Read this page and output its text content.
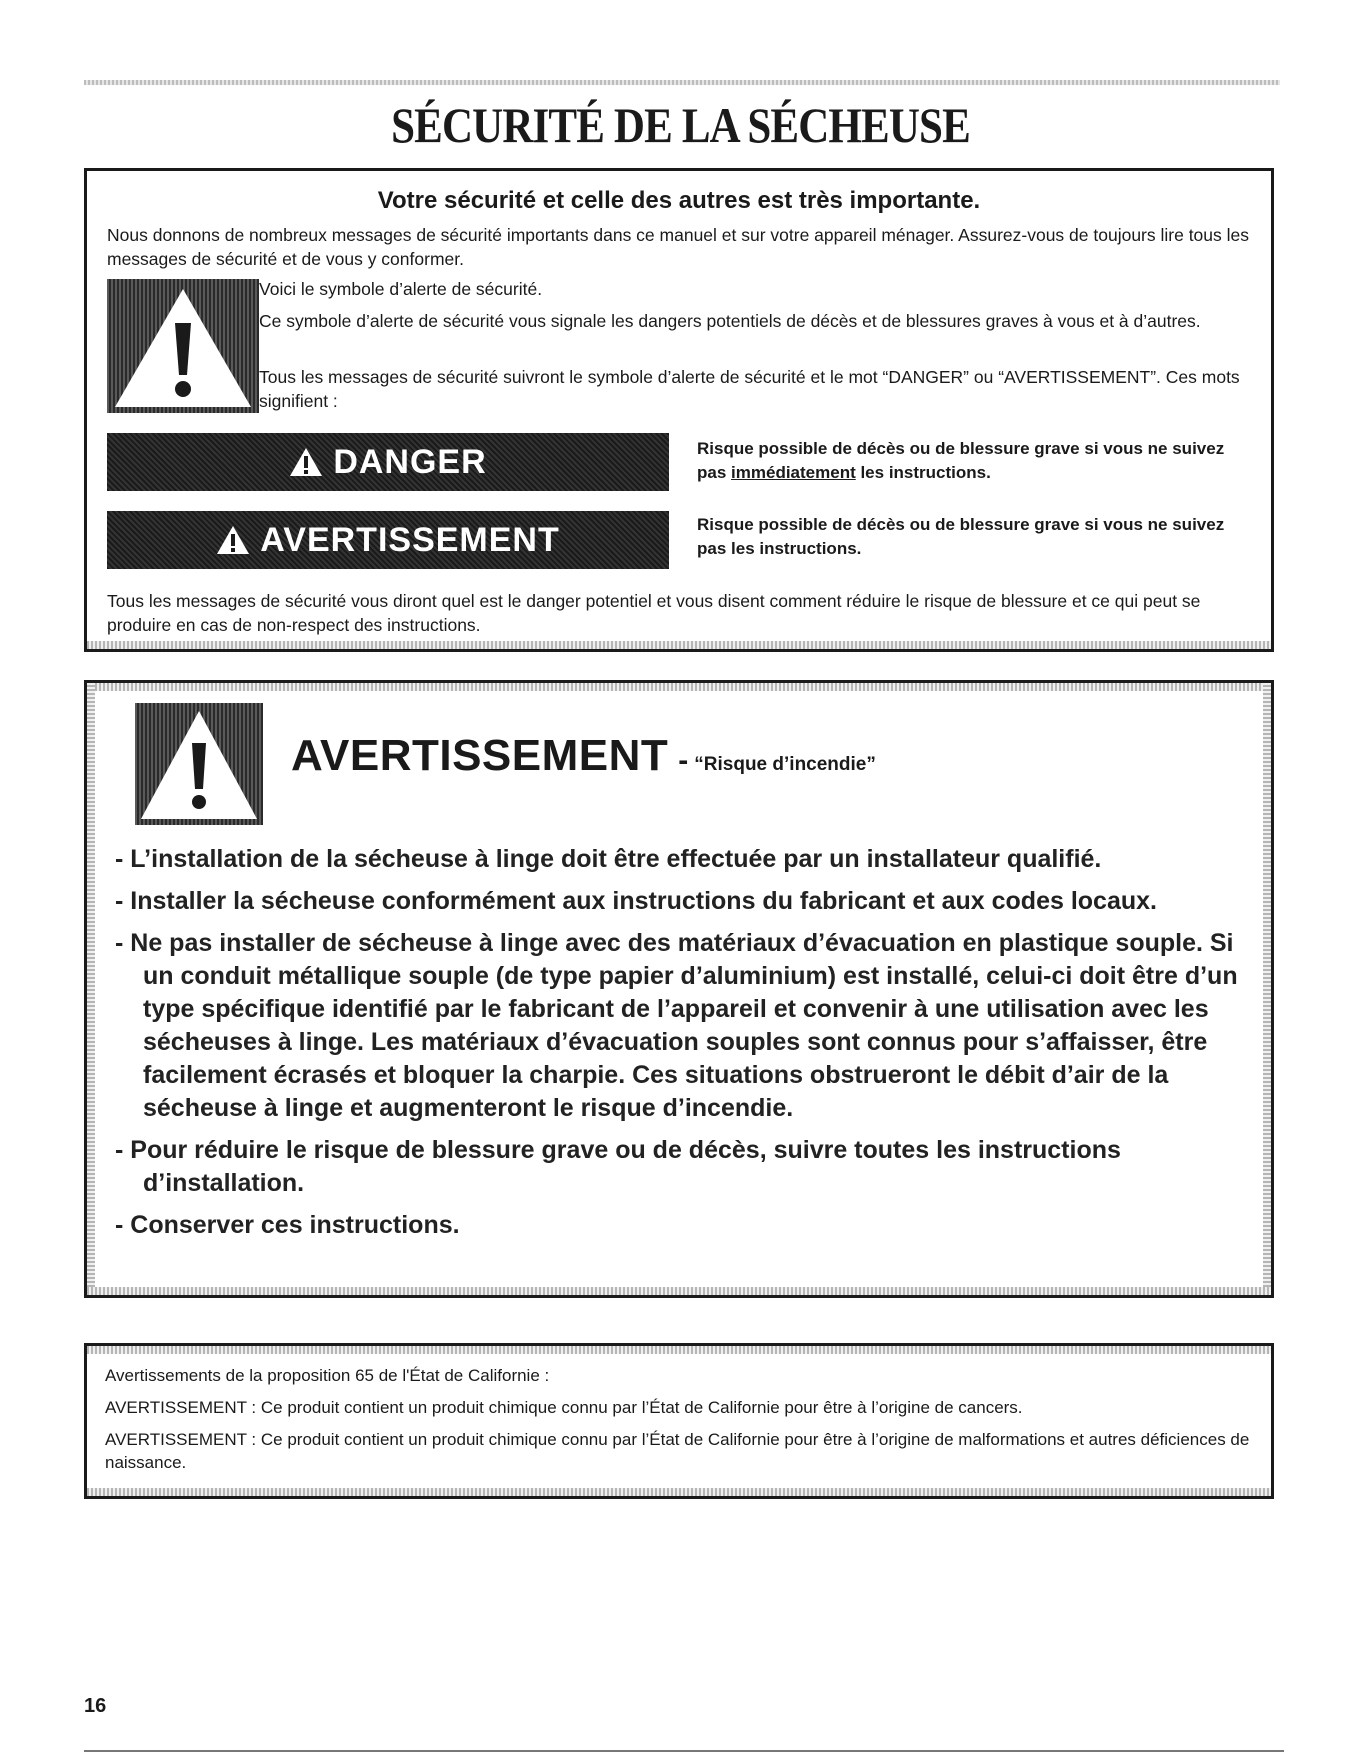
SÉCURITÉ DE LA SÉCHEUSE
Votre sécurité et celle des autres est très importante.

Nous donnons de nombreux messages de sécurité importants dans ce manuel et sur votre appareil ménager. Assurez-vous de toujours lire tous les messages de sécurité et de vous y conformer.

Voici le symbole d’alerte de sécurité.

Ce symbole d’alerte de sécurité vous signale les dangers potentiels de décès et de blessures graves à vous et à d’autres.

Tous les messages de sécurité suivront le symbole d’alerte de sécurité et le mot “DANGER” ou “AVERTISSEMENT”. Ces mots signifient :

DANGER	Risque possible de décès ou de blessure grave si vous ne suivez pas immédiatement les instructions.

AVERTISSEMENT	Risque possible de décès ou de blessure grave si vous ne suivez pas les instructions.

Tous les messages de sécurité vous diront quel est le danger potentiel et vous disent comment réduire le risque de blessure et ce qui peut se produire en cas de non-respect des instructions.

AVERTISSEMENT - “Risque d’incendie”

- L’installation de la sécheuse à linge doit être effectuée par un installateur qualifié.
- Installer la sécheuse conformément aux instructions du fabricant et aux codes locaux.
- Ne pas installer de sécheuse à linge avec des matériaux d’évacuation en plastique souple. Si un conduit métallique souple (de type papier d’aluminium) est installé, celui-ci doit être d’un type spécifique identifié par le fabricant de l’appareil et convenir à une utilisation avec les sécheuses à linge. Les matériaux d’évacuation souples sont connus pour s’affaisser, être facilement écrasés et bloquer la charpie. Ces situations obstrueront le débit d’air de la sécheuse à linge et augmenteront le risque d’incendie.
- Pour réduire le risque de blessure grave ou de décès, suivre toutes les instructions d’installation.
- Conserver ces instructions.

Avertissements de la proposition 65 de l'État de Californie :

AVERTISSEMENT : Ce produit contient un produit chimique connu par l’État de Californie pour être à l’origine de cancers.

AVERTISSEMENT : Ce produit contient un produit chimique connu par l’État de Californie pour être à l’origine de malformations et autres déficiences de naissance.

16
